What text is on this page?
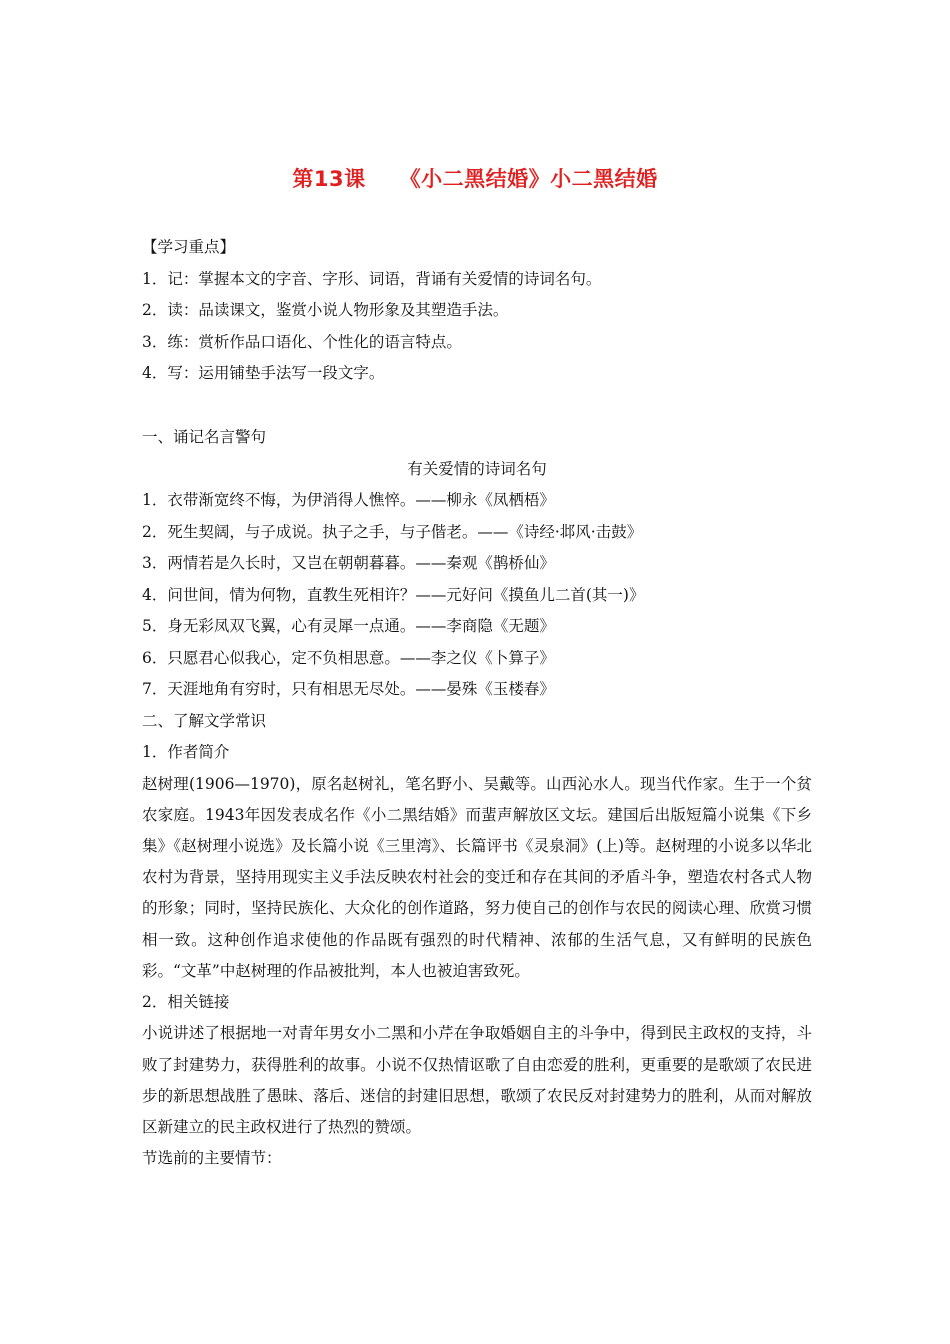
第13课 《小二黑结婚》小二黑结婚
【学习重点】
1．记：掌握本文的字音、字形、词语，背诵有关爱情的诗词名句。
2．读：品读课文，鉴赏小说人物形象及其塑造手法。
3．练：赏析作品口语化、个性化的语言特点。
4．写：运用铺垫手法写一段文字。
一、诵记名言警句
有关爱情的诗词名句
1．衣带渐宽终不悔，为伊消得人憔悴。——柳永《凤栖梧》
2．死生契阔，与子成说。执子之手，与子偕老。——《诗经·邶风·击鼓》
3．两情若是久长时，又岂在朝朝暮暮。——秦观《鹊桥仙》
4．问世间，情为何物，直教生死相许？——元好问《摸鱼儿二首(其一)》
5．身无彩凤双飞翼，心有灵犀一点通。——李商隐《无题》
6．只愿君心似我心，定不负相思意。——李之仪《卜算子》
7．天涯地角有穷时，只有相思无尽处。——晏殊《玉楼春》
二、了解文学常识
1．作者简介

赵树理(1906—1970)，原名赵树礼，笔名野小、吴戴等。山西沁水人。现当代作家。生于一个贫农家庭。1943年因发表成名作《小二黑结婚》而蜚声解放区文坛。建国后出版短篇小说集《下乡集》《赵树理小说选》及长篇小说《三里湾》、长篇评书《灵泉洞》(上)等。赵树理的小说多以华北农村为背景，坚持用现实主义手法反映农村社会的变迁和存在其间的矛盾斗争，塑造农村各式人物的形象；同时，坚持民族化、大众化的创作道路，努力使自己的创作与农民的阅读心理、欣赏习惯相一致。这种创作追求使他的作品既有强烈的时代精神、浓郁的生活气息，又有鲜明的民族色彩。“文革”中赵树理的作品被批判，本人也被迫害致死。

2．相关链接

小说讲述了根据地一对青年男女小二黑和小芹在争取婚姻自主的斗争中，得到民主政权的支持，斗败了封建势力，获得胜利的故事。小说不仅热情讴歌了自由恋爱的胜利，更重要的是歌颂了农民进步的新思想战胜了愚昧、落后、迷信的封建旧思想，歌颂了农民反对封建势力的胜利，从而对解放区新建立的民主政权进行了热烈的赞颂。

节选前的主要情节：
